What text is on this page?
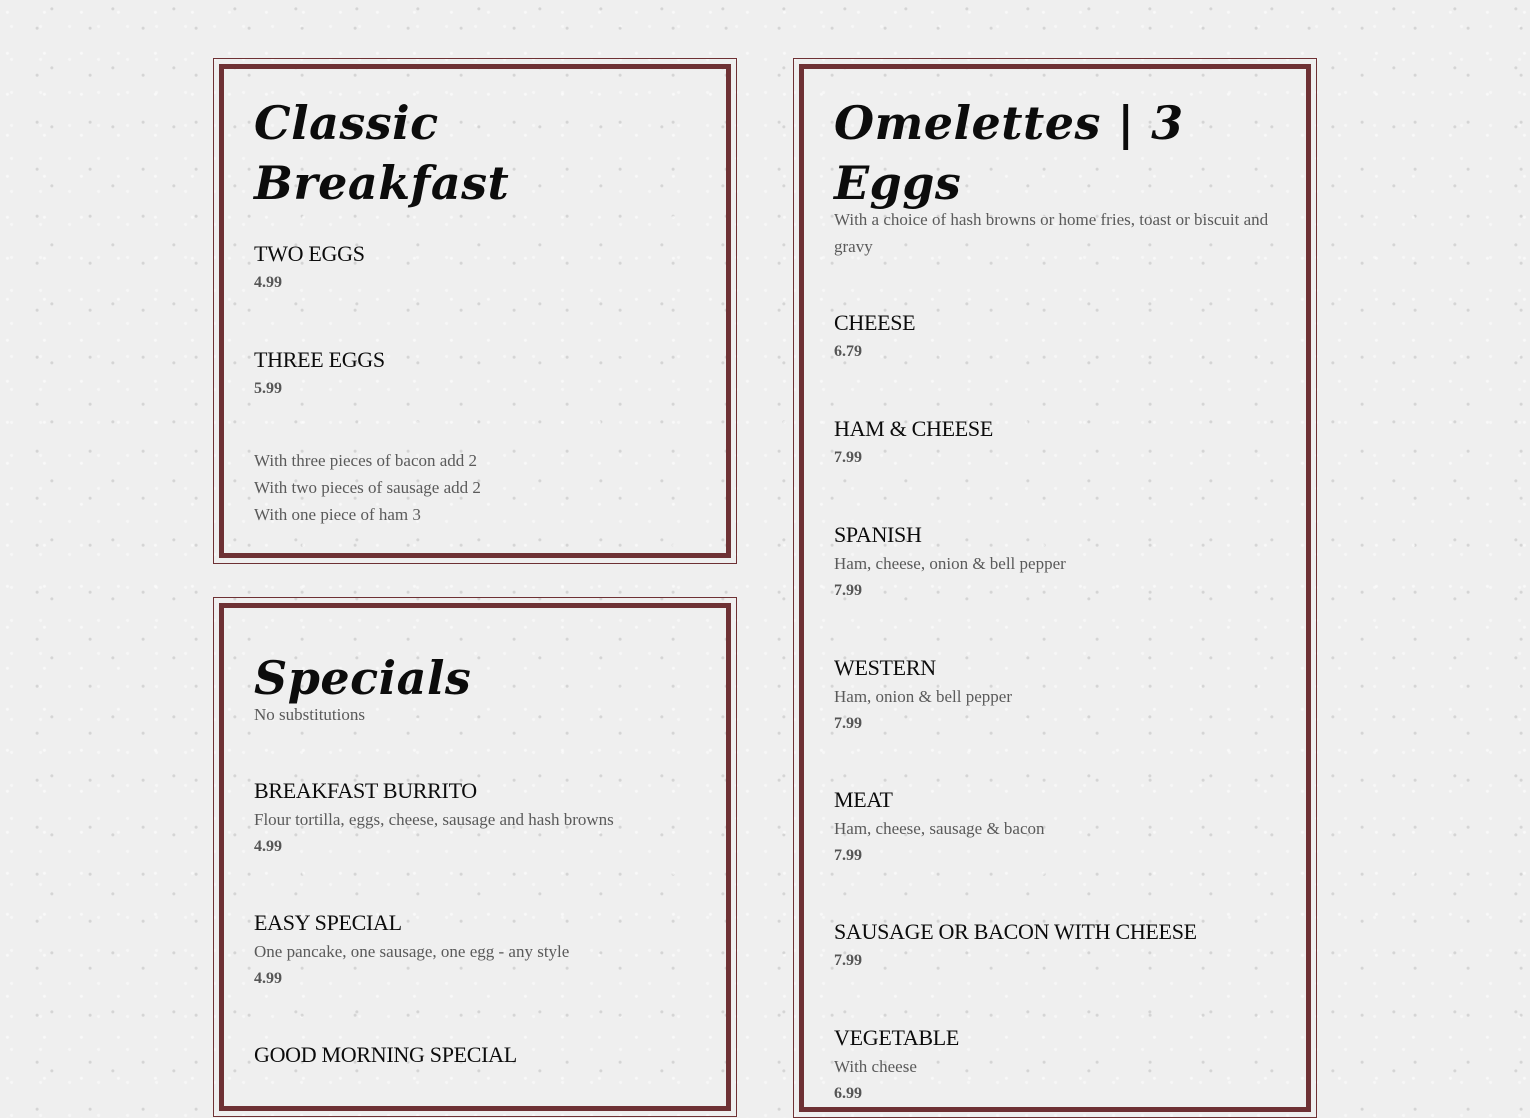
Classic Breakfast

TWO EGGS

4.99

THREE EGGS

5.99

With three pieces of bacon add 2

With two pieces of sausage add 2

With one piece of ham 3

Specials

No substitutions

BREAKFAST BURRITO

Flour tortilla, eggs, cheese, sausage and hash browns

4.99

EASY SPECIAL

One pancake, one sausage, one egg - any style

4.99

GOOD MORNING SPECIAL

Omelettes | 3 Eggs

With a choice of hash browns or home fries, toast or biscuit and gravy

CHEESE

6.79

HAM & CHEESE

7.99

SPANISH

Ham, cheese, onion & bell pepper

7.99

WESTERN

Ham, onion & bell pepper

7.99

MEAT

Ham, cheese, sausage & bacon

7.99

SAUSAGE OR BACON WITH CHEESE

7.99

VEGETABLE

With cheese

6.99
